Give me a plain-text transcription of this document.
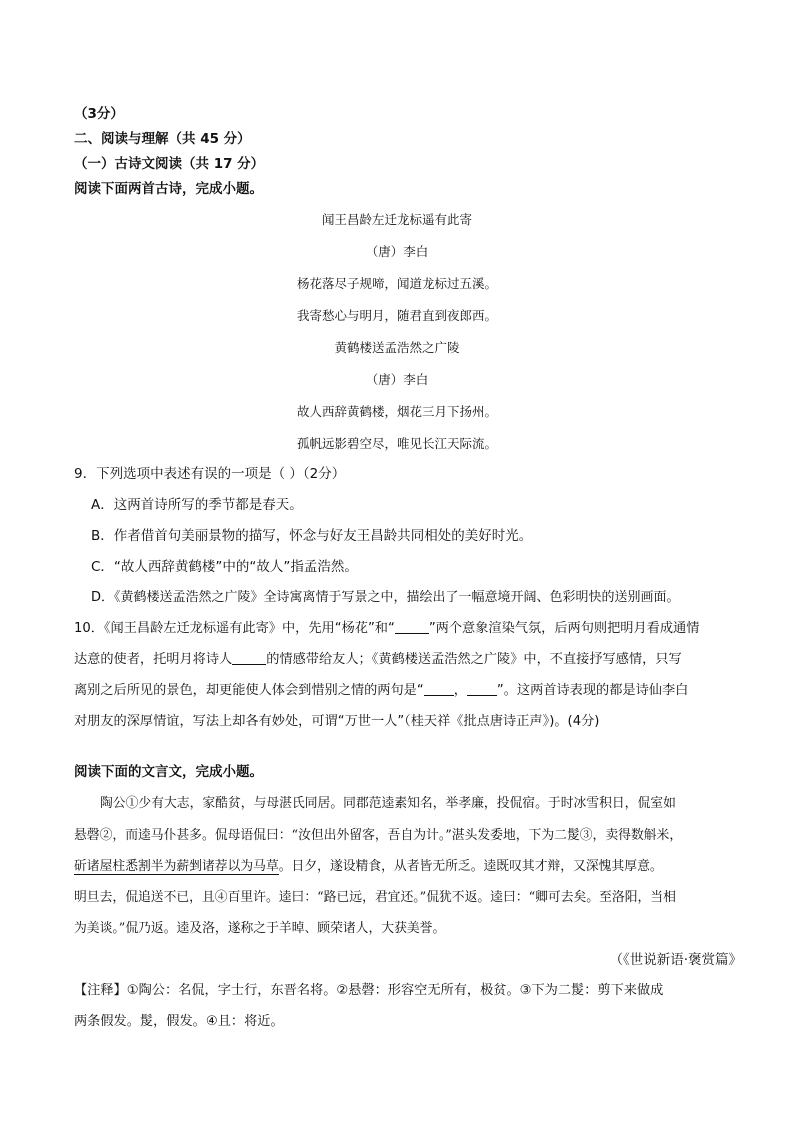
（3分）
二、阅读与理解（共 45 分）
（一）古诗文阅读（共 17 分）
阅读下面两首古诗，完成小题。
闻王昌龄左迁龙标遥有此寄
（唐）李白
杨花落尽子规啼，闻道龙标过五溪。
我寄愁心与明月，随君直到夜郎西。
黄鹤楼送孟浩然之广陵
（唐）李白
故人西辞黄鹤楼，烟花三月下扬州。
孤帆远影碧空尽，唯见长江天际流。
9．下列选项中表述有误的一项是（ ）（2分）
A．这两首诗所写的季节都是春天。
B．作者借首句美丽景物的描写，怀念与好友王昌龄共同相处的美好时光。
C．“故人西辞黄鹤楼”中的“故人”指孟浩然。
D．《黄鹤楼送孟浩然之广陵》全诗寓离情于写景之中，描绘出了一幅意境开阔、色彩明快的送别画面。
10．《闻王昌龄左迁龙标遥有此寄》中，先用“杨花”和“	”两个意象渲染气氛，后两句则把明月看成通情
达意的使者，托明月将诗人	的情感带给友人；《黄鹤楼送孟浩然之广陵》中，不直接抒写感情，只写
离别之后所见的景色，却更能使人体会到惜别之情的两句是“ ， ”。这两首诗表现的都是诗仙李白
对朋友的深厚情谊，写法上却各有妙处，可谓“万世一人”（桂天祥《批点唐诗正声》)。(4分)
阅读下面的文言文，完成小题。
陶公①少有大志，家酷贫，与母湛氏同居。同郡范逵素知名，举孝廉，投侃宿。于时冰雪积日，侃室如
悬磬②，而逵马仆甚多。侃母语侃曰：“汝但出外留客，吾自为计。”湛头发委地，下为二髲③，卖得数斛米，
斫诸屋柱悉割半为薪剉诸荐以为马草。日夕，遂设精食，从者皆无所乏。逵既叹其才辩，又深愧其厚意。
明旦去，侃追送不已，且④百里许。逵曰：“路已远，君宜还。”侃犹不返。逵曰：“卿可去矣。至洛阳，当相
为美谈。”侃乃返。逵及洛，遂称之于羊晫、顾荣诸人，大获美誉。
（《世说新语·褒赏篇》
【注释】①陶公：名侃，字士行，东晋名将。②悬磬：形容空无所有，极贫。③下为二髲：剪下来做成
两条假发。髲，假发。④且：将近。
